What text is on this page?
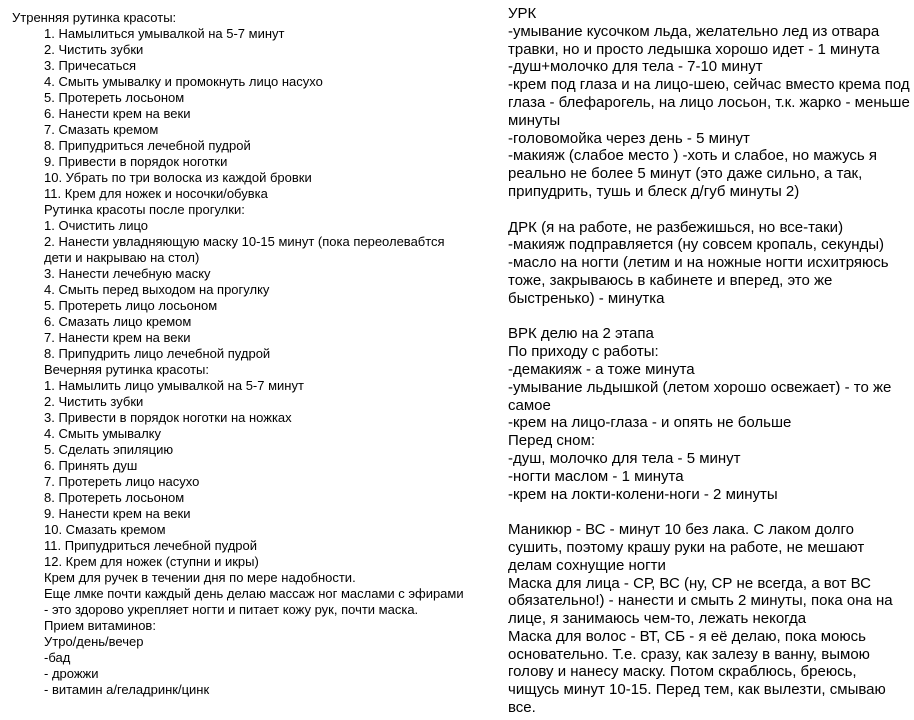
Утренняя рутинка красоты:
1. Намылиться умывалкой на 5-7 минут
2. Чистить зубки
3. Причесаться
4. Смыть умывалку и промокнуть лицо насухо
5. Протереть лосьоном
6. Нанести крем на веки
7. Смазать кремом
8. Припудриться лечебной пудрой
9. Привести в порядок ноготки
10. Убрать по три волоска из каждой бровки
11. Крем для ножек и носочки/обувка
Рутинка красоты после прогулки:
1. Очистить лицо
2. Нанести увладняющую маску 10-15 минут (пока переолевабтся дети и накрываю на стол)
3. Нанести лечебную маску
4. Смыть перед выходом на прогулку
5. Протереть лицо лосьоном
6. Смазать лицо кремом
7. Нанести крем на веки
8. Припудрить лицо лечебной пудрой
Вечерняя рутинка красоты:
1. Намылить лицо умывалкой на 5-7 минут
2. Чистить зубки
3. Привести в порядок ноготки на ножках
4. Смыть умывалку
5. Сделать эпиляцию
6. Принять душ
7. Протереть лицо насухо
8. Протереть лосьоном
9. Нанести крем на веки
10. Смазать кремом
11. Припудриться лечебной пудрой
12. Крем для ножек (ступни и икры)
Крем для ручек в течении дня по мере надобности.
Еще лмке почти каждый день делаю массаж ног маслами с эфирами - это здорово укрепляет ногти и питает кожу рук, почти маска.
Прием витаминов:
Утро/день/вечер
-бад
- дрожжи
- витамин а/геладринк/цинк
УРК
-умывание кусочком льда, желательно лед из отвара травки, но и просто ледышка хорошо идет - 1 минута
-душ+молочко для тела - 7-10 минут
-крем под глаза и на лицо-шею, сейчас вместо крема под глаза - блефарогель, на лицо лосьон, т.к. жарко - меньше минуты
-головомойка через день - 5 минут
-макияж (слабое место ) -хоть и слабое, но мажусь я реально не более 5 минут (это даже сильно, а так, припудрить, тушь и блеск д/губ минуты 2)

ДРК (я на работе, не разбежишься, но все-таки)
-макияж подправляется (ну совсем кропаль, секунды)
-масло на ногти (летим и на ножные ногти исхитряюсь тоже, закрываюсь в кабинете и вперед, это же быстренько) - минутка

ВРК делю на 2 этапа
По приходу с работы:
-демакияж - а тоже минута
-умывание льдышкой (летом хорошо освежает) - то же самое
-крем на лицо-глаза - и опять не больше
Перед сном:
-душ, молочко для тела - 5 минут
-ногти маслом - 1 минута
-крем на локти-колени-ноги - 2 минуты

Маникюр - ВС - минут 10 без лака. С лаком долго сушить, поэтому крашу руки на работе, не мешают делам сохнущие ногти
Маска для лица - СР, ВС (ну, СР не всегда, а вот ВС обязательно!) - нанести и смыть 2 минуты, пока она на лице, я занимаюсь чем-то, лежать некогда
Маска для волос - ВТ, СБ - я её делаю, пока моюсь основательно. Т.е. сразу, как залезу в ванну, вымою голову и нанесу маску. Потом скраблюсь, бреюсь, чищусь минут 10-15. Перед тем, как вылезти, смываю все.
